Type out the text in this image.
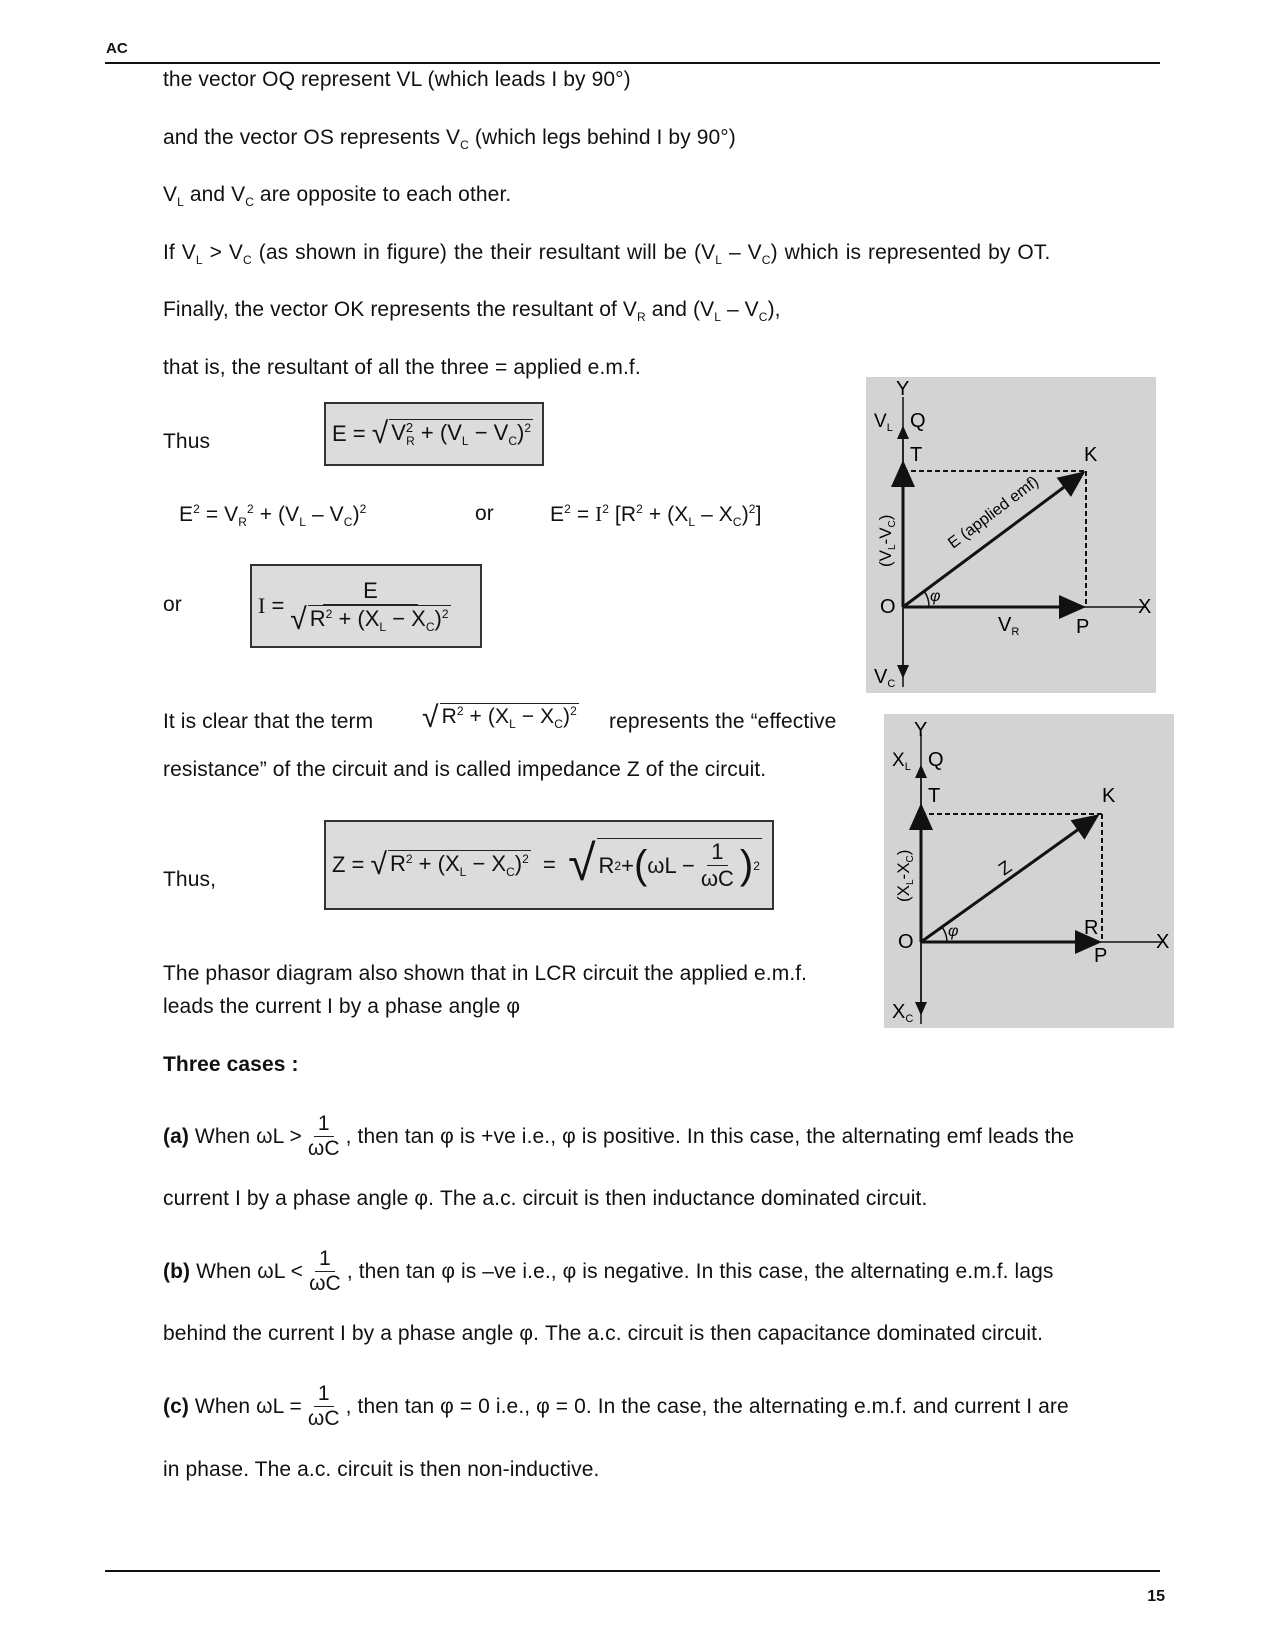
AC
the vector OQ represent VL (which leads I by 90°)
and the vector OS represents $V_C$ (which legs behind I by 90°)
$V_L$ and $V_C$ are opposite to each other.
If $V_L > V_C$ (as shown in figure) the their resultant will be $(V_L - V_C)$ which is represented by OT.
Finally, the vector OK represents the resultant of $V_R$ and $(V_L - V_C)$,
that is, the resultant of all the three = applied e.m.f.
Thus	E = √ $V^2_R + (V_L - V_C)^2$
$E^2 = V_R^2 + (V_L - V_C)^2$	or	$E^2 = I^2$ $[R^2 + (X_L - X_C)^2]$
or	$I = \frac{E}{√ R^2 + (X_L - X_C)^2}$
It is clear that the term √ $R^2 + (X_L - X_C)^2$ represents the “effective
resistance” of the circuit and is called impedance Z of the circuit.
Thus,
Z = √ $R^2 + (X_L - X_C)^2$ = √ R 2 + ( $\omega L - \frac{1}{\omega C}$ ) 2
The phasor diagram also shown that in LCR circuit the applied e.m.f.
leads the current I by a phase angle φ
Three cases :
(a)
When $\omega L > \frac{1}{\omega C}$ , then tan φ is +ve i.e., φ is positive. In this case, the alternating emf leads the
current I by a phase angle φ. The a.c. circuit is then inductance dominated circuit.
(b)
When $\omega L < \frac{1}{\omega C}$ , then tan φ is –ve i.e., φ is negative. In this case, the alternating e.m.f. lags
behind the current I by a phase angle φ. The a.c. circuit is then capacitance dominated circuit.
(c)
When $\omega L = \frac{1}{\omega C}$ , then tan φ = 0 i.e., φ = 0. In the case, the alternating e.m.f. and current I are
in phase. The a.c. circuit is then non-inductive.
Y
$V_L$ Q
T	K
O φ
$V_R$	P
X
$V_C$
$(V_L-V_C)$	E (applied emf)
Y
$X_L$ Q
T	K
O φ	R
P
X
$X_C$
$(X_L-X_C)$
Z
15
